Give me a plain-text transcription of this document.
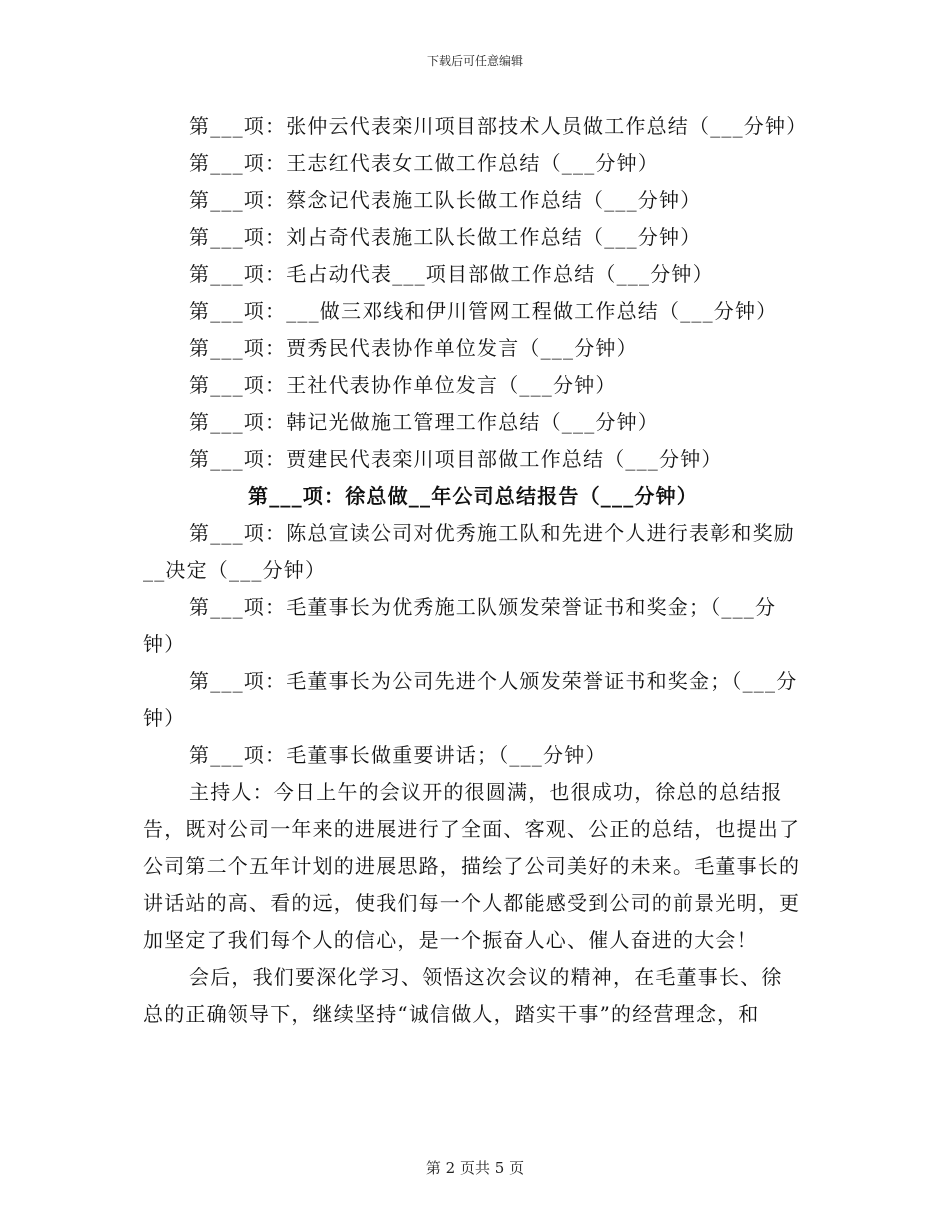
下载后可任意编辑

第___项：张仲云代表栾川项目部技术人员做工作总结（___分钟）

第___项：王志红代表女工做工作总结（___分钟）

第___项：蔡念记代表施工队长做工作总结（___分钟）

第___项：刘占奇代表施工队长做工作总结（___分钟）

第___项：毛占动代表___项目部做工作总结（___分钟）

第___项：___做三邓线和伊川管网工程做工作总结（___分钟）

第___项：贾秀民代表协作单位发言（___分钟）

第___项：王社代表协作单位发言（___分钟）

第___项：韩记光做施工管理工作总结（___分钟）

第___项：贾建民代表栾川项目部做工作总结（___分钟）

第___项：徐总做__年公司总结报告（___分钟）

第___项：陈总宣读公司对优秀施工队和先进个人进行表彰和奖励__决定（___分钟）

第___项：毛董事长为优秀施工队颁发荣誉证书和奖金；（___分钟）

第___项：毛董事长为公司先进个人颁发荣誉证书和奖金；（___分钟）

第___项：毛董事长做重要讲话；（___分钟）

主持人：今日上午的会议开的很圆满，也很成功，徐总的总结报告，既对公司一年来的进展进行了全面、客观、公正的总结，也提出了公司第二个五年计划的进展思路，描绘了公司美好的未来。毛董事长的讲话站的高、看的远，使我们每一个人都能感受到公司的前景光明，更加坚定了我们每个人的信心，是一个振奋人心、催人奋进的大会！

会后，我们要深化学习、领悟这次会议的精神，在毛董事长、徐总的正确领导下，继续坚持“诚信做人，踏实干事”的经营理念，和

第 2 页共 5 页
